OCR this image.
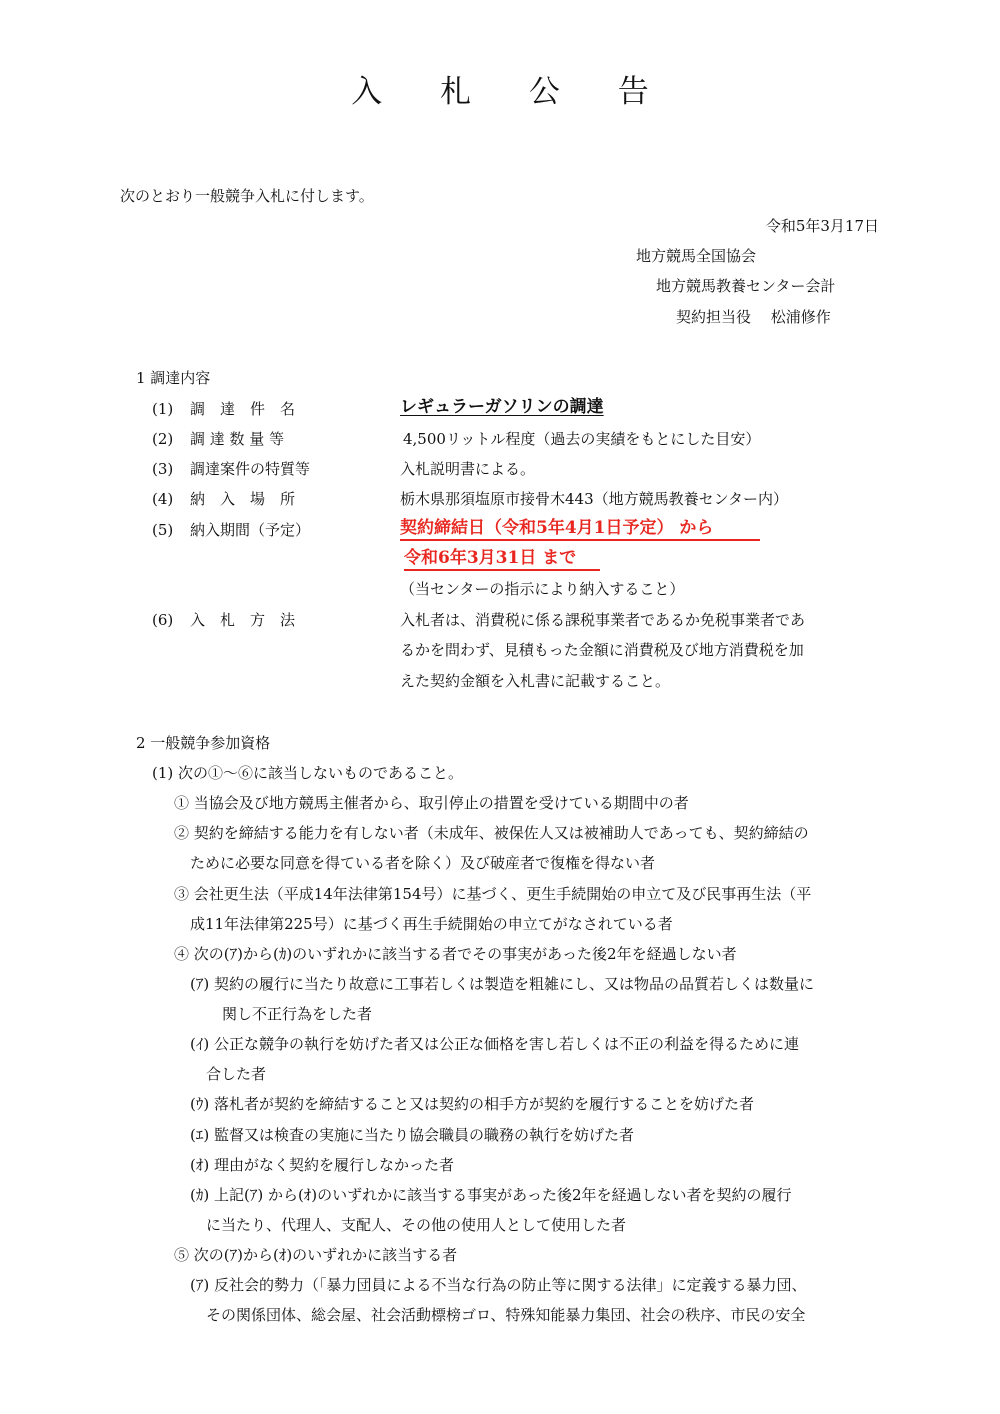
入 札 公 告
次のとおり一般競争入札に付します。
令和5年3月17日
地方競馬全国協会
地方競馬教養センター会計
契約担当役　 松浦修作
1 調達内容
(1) 調　達　件　名	レギュラーガソリンの調達
(2) 調 達 数 量 等	4,500リットル程度（過去の実績をもとにした目安）
(3) 調達案件の特質等	入札説明書による。
(4) 納　入　場　所	栃木県那須塩原市接骨木443（地方競馬教養センター内）
(5) 納入期間（予定）	契約締結日（令和5年4月1日予定） から
令和6年3月31日 まで
（当センターの指示により納入すること）
(6) 入　札　方　法	入札者は、消費税に係る課税事業者であるか免税事業者であ
るかを問わず、見積もった金額に消費税及び地方消費税を加
えた契約金額を入札書に記載すること。
2 一般競争参加資格
(1) 次の①～⑥に該当しないものであること。
① 当協会及び地方競馬主催者から、取引停止の措置を受けている期間中の者
② 契約を締結する能力を有しない者（未成年、被保佐人又は被補助人であっても、契約締結の
ために必要な同意を得ている者を除く）及び破産者で復権を得ない者
③ 会社更生法（平成14年法律第154号）に基づく、更生手続開始の申立て及び民事再生法（平
成11年法律第225号）に基づく再生手続開始の申立てがなされている者
④ 次の(ｱ)から(ｶ)のいずれかに該当する者でその事実があった後2年を経過しない者
(ｱ) 契約の履行に当たり故意に工事若しくは製造を粗雑にし、又は物品の品質若しくは数量に
関し不正行為をした者
(ｲ) 公正な競争の執行を妨げた者又は公正な価格を害し若しくは不正の利益を得るために連
合した者
(ｳ) 落札者が契約を締結すること又は契約の相手方が契約を履行することを妨げた者
(ｴ) 監督又は検査の実施に当たり協会職員の職務の執行を妨げた者
(ｵ) 理由がなく契約を履行しなかった者
(ｶ) 上記(ｱ) から(ｵ)のいずれかに該当する事実があった後2年を経過しない者を契約の履行
に当たり、代理人、支配人、その他の使用人として使用した者
⑤ 次の(ｱ)から(ｵ)のいずれかに該当する者
(ｱ) 反社会的勢力（「暴力団員による不当な行為の防止等に関する法律」に定義する暴力団、
その関係団体、総会屋、社会活動標榜ゴロ、特殊知能暴力集団、社会の秩序、市民の安全
